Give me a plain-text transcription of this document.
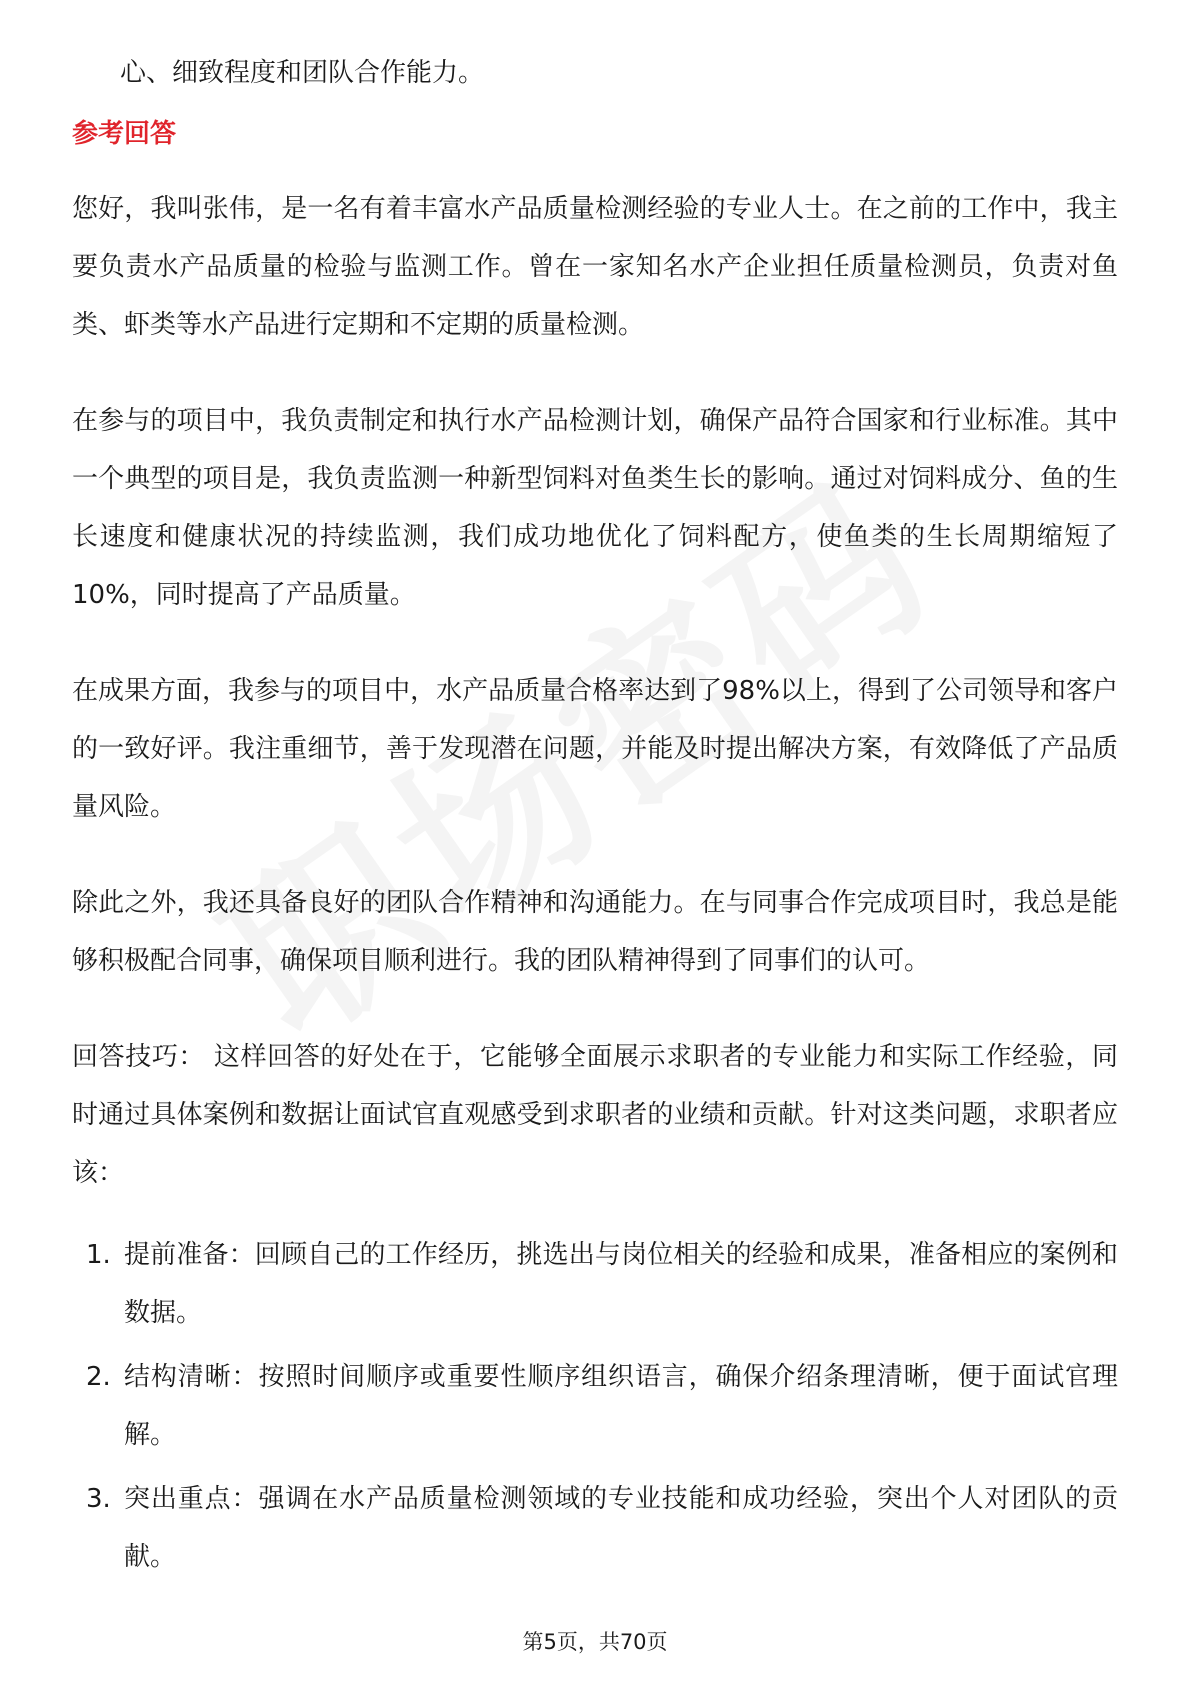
心、细致程度和团队合作能力。

参考回答

您好，我叫张伟，是一名有着丰富水产品质量检测经验的专业人士。在之前的工作中，我主要负责水产品质量的检验与监测工作。曾在一家知名水产企业担任质量检测员，负责对鱼类、虾类等水产品进行定期和不定期的质量检测。

在参与的项目中，我负责制定和执行水产品检测计划，确保产品符合国家和行业标准。其中一个典型的项目是，我负责监测一种新型饲料对鱼类生长的影响。通过对饲料成分、鱼的生长速度和健康状况的持续监测，我们成功地优化了饲料配方，使鱼类的生长周期缩短了10%，同时提高了产品质量。

在成果方面，我参与的项目中，水产品质量合格率达到了98%以上，得到了公司领导和客户的一致好评。我注重细节，善于发现潜在问题，并能及时提出解决方案，有效降低了产品质量风险。

除此之外，我还具备良好的团队合作精神和沟通能力。在与同事合作完成项目时，我总是能够积极配合同事，确保项目顺利进行。我的团队精神得到了同事们的认可。

回答技巧： 这样回答的好处在于，它能够全面展示求职者的专业能力和实际工作经验，同时通过具体案例和数据让面试官直观感受到求职者的业绩和贡献。针对这类问题，求职者应该：

1. 提前准备：回顾自己的工作经历，挑选出与岗位相关的经验和成果，准备相应的案例和数据。
2. 结构清晰：按照时间顺序或重要性顺序组织语言，确保介绍条理清晰，便于面试官理解。
3. 突出重点：强调在水产品质量检测领域的专业技能和成功经验，突出个人对团队的贡献。
第5页，共70页
